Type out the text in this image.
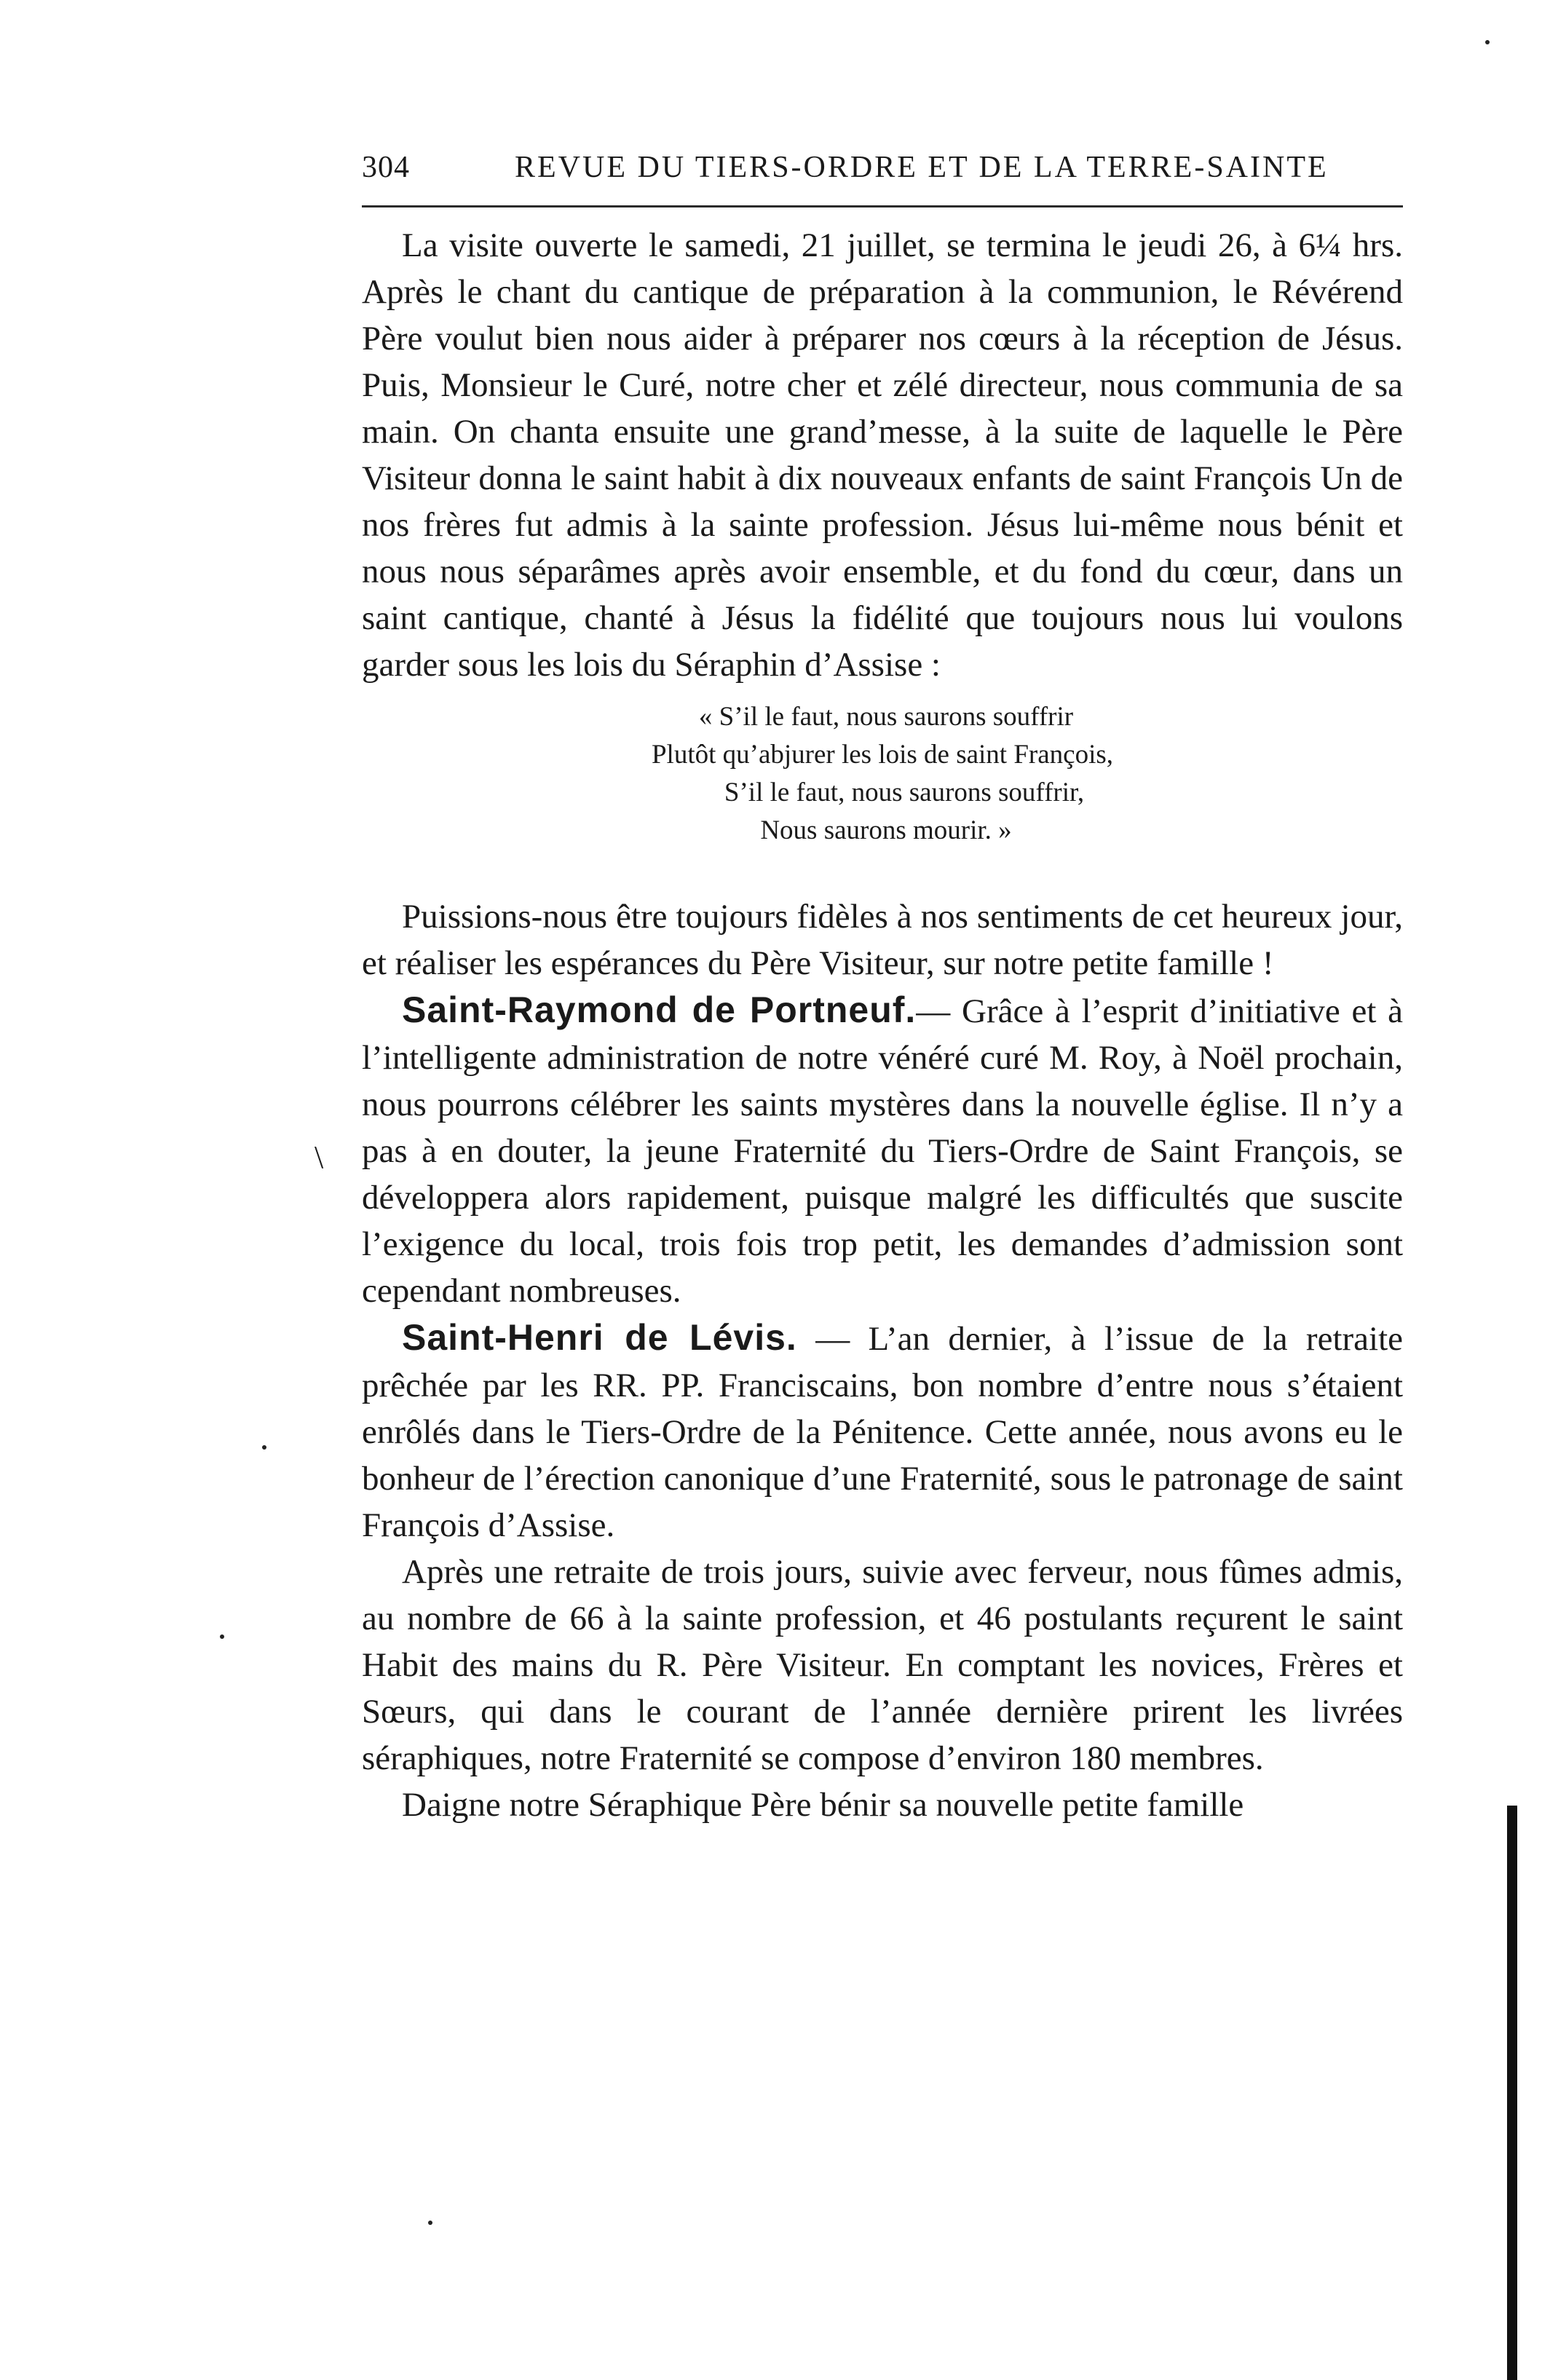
304	REVUE DU TIERS-ORDRE ET DE LA TERRE-SAINTE

La visite ouverte le samedi, 21 juillet, se termina le jeudi 26, à 6¼ hrs. Après le chant du cantique de préparation à la communion, le Révérend Père voulut bien nous aider à préparer nos cœurs à la réception de Jésus. Puis, Monsieur le Curé, notre cher et zélé directeur, nous communia de sa main. On chanta ensuite une grand’messe, à la suite de laquelle le Père Visiteur donna le saint habit à dix nouveaux enfants de saint François Un de nos frères fut admis à la sainte profession. Jésus lui-même nous bénit et nous nous séparâmes après avoir ensemble, et du fond du cœur, dans un saint cantique, chanté à Jésus la fidélité que toujours nous lui voulons garder sous les lois du Séraphin d’Assise :

« S’il le faut, nous saurons souffrir
Plutôt qu’abjurer les lois de saint François,
S’il le faut, nous saurons souffrir,
Nous saurons mourir. »

Puissions-nous être toujours fidèles à nos sentiments de cet heureux jour, et réaliser les espérances du Père Visiteur, sur notre petite famille !

Saint-Raymond de Portneuf.— Grâce à l’esprit d’initiative et à l’intelligente administration de notre vénéré curé M. Roy, à Noël prochain, nous pourrons célébrer les saints mystères dans la nouvelle église. Il n’y a pas à en douter, la jeune Fraternité du Tiers-Ordre de Saint François, se développera alors rapidement, puisque malgré les difficultés que suscite l’exigence du local, trois fois trop petit, les demandes d’admission sont cependant nombreuses.

Saint-Henri de Lévis. — L’an dernier, à l’issue de la retraite prêchée par les RR. PP. Franciscains, bon nombre d’entre nous s’étaient enrôlés dans le Tiers-Ordre de la Pénitence. Cette année, nous avons eu le bonheur de l’érection canonique d’une Fraternité, sous le patronage de saint François d’Assise.

Après une retraite de trois jours, suivie avec ferveur, nous fûmes admis, au nombre de 66 à la sainte profession, et 46 postulants reçurent le saint Habit des mains du R. Père Visiteur. En comptant les novices, Frères et Sœurs, qui dans le courant de l’année dernière prirent les livrées séraphiques, notre Fraternité se compose d’environ 180 membres.

Daigne notre Séraphique Père bénir sa nouvelle petite famille

\
